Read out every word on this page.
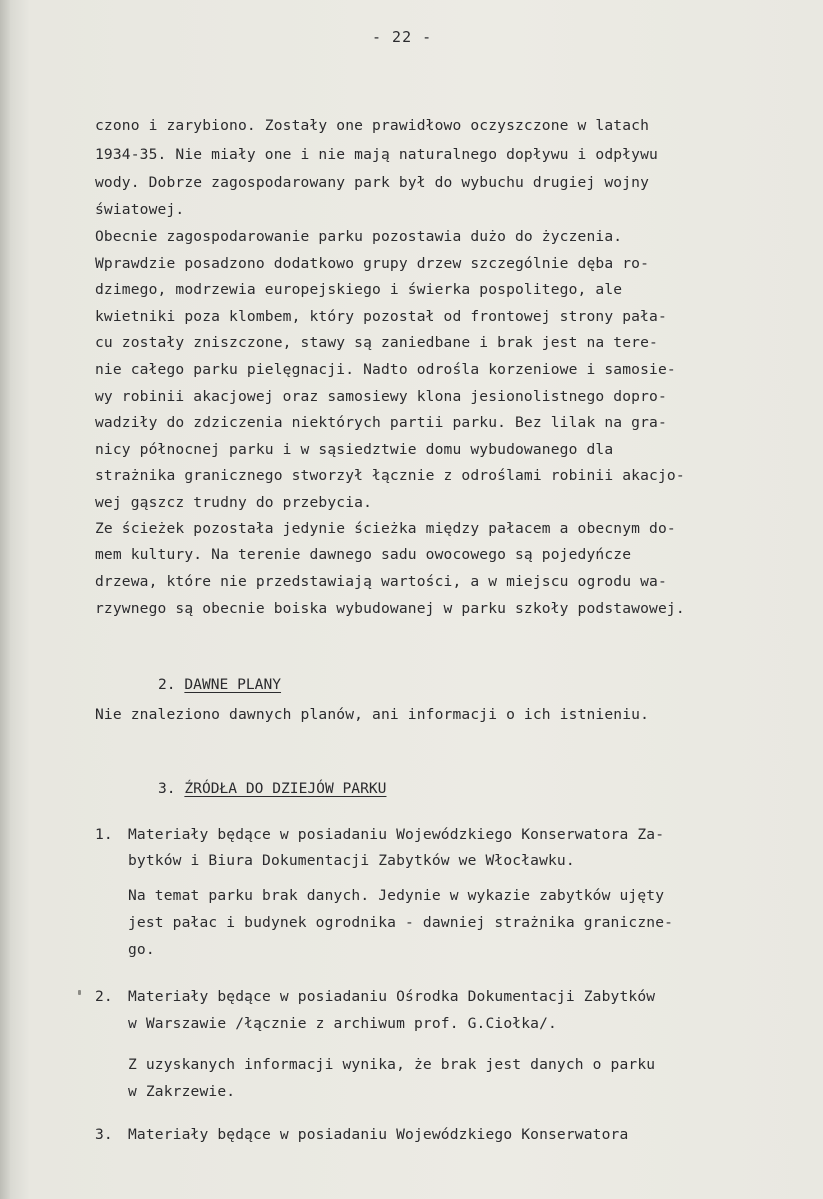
- 22 -
czono i zarybiono. Zostały one prawidłowo oczyszczone w latach
1934-35. Nie miały one i nie mają naturalnego dopływu i odpływu
wody. Dobrze zagospodarowany park był do wybuchu drugiej wojny
światowej.
Obecnie zagospodarowanie parku pozostawia dużo do życzenia.
Wprawdzie posadzono dodatkowo grupy drzew szczególnie dęba ro-
dzimego, modrzewia europejskiego i świerka pospolitego, ale
kwietniki poza klombem, który pozostał od frontowej strony pała-
cu zostały zniszczone, stawy są zaniedbane i brak jest na tere-
nie całego parku pielęgnacji. Nadto odrośla korzeniowe i samosie-
wy robinii akacjowej oraz samosiewy klona jesionolistnego dopro-
wadziły do zdziczenia niektórych partii parku. Bez lilak na gra-
nicy północnej parku i w sąsiedztwie domu wybudowanego dla
strażnika granicznego stworzył łącznie z odroślami robinii akacjo-
wej gąszcz trudny do przebycia.
Ze ścieżek pozostała jedynie ścieżka między pałacem a obecnym do-
mem kultury. Na terenie dawnego sadu owocowego są pojedyńcze
drzewa, które nie przedstawiają wartości, a w miejscu ogrodu wa-
rzywnego są obecnie boiska wybudowanej w parku szkoły podstawowej.
2. DAWNE PLANY
Nie znaleziono dawnych planów, ani informacji o ich istnieniu.
3. ŹRÓDŁA DO DZIEJÓW PARKU
1. Materiały będące w posiadaniu Wojewódzkiego Konserwatora Za-
bytków i Biura Dokumentacji Zabytków we Włocławku.
Na temat parku brak danych. Jedynie w wykazie zabytków ujęty
jest pałac i budynek ogrodnika - dawniej strażnika graniczne-
go.
2. Materiały będące w posiadaniu Ośrodka Dokumentacji Zabytków
w Warszawie /łącznie z archiwum prof. G.Ciołka/.
Z uzyskanych informacji wynika, że brak jest danych o parku
w Zakrzewie.
3. Materiały będące w posiadaniu Wojewódzkiego Konserwatora
